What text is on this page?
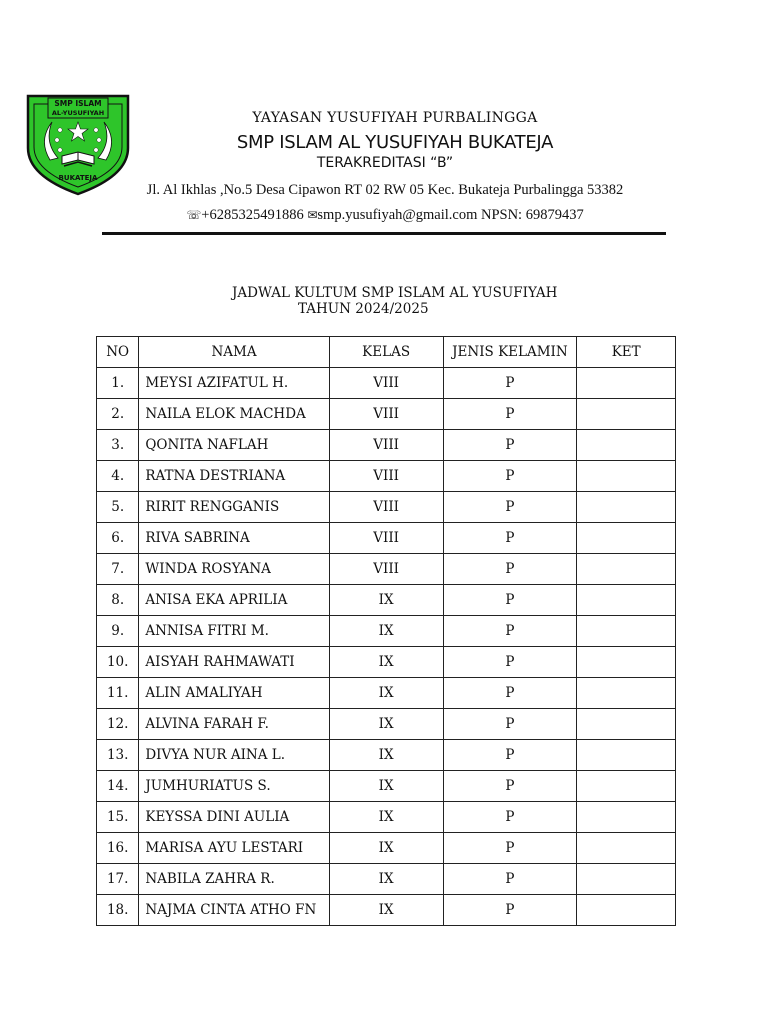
SMP ISLAM
AL-YUSUFIYAH
BUKATEJA
YAYASAN YUSUFIYAH PURBALINGGA
SMP ISLAM AL YUSUFIYAH BUKATEJA
TERAKREDITASI “B”
Jl. Al Ikhlas ,No.5 Desa Cipawon RT 02 RW 05 Kec. Bukateja Purbalingga 53382
☏+6285325491886 ✉smp.yusufiyah@gmail.com NPSN: 69879437
JADWAL KULTUM SMP ISLAM AL YUSUFIYAH
TAHUN 2024/2025
NO	NAMA	KELAS	JENIS KELAMIN	KET
1.	MEYSI AZIFATUL H.	VIII	P	
2.	NAILA ELOK MACHDA	VIII	P	
3.	QONITA NAFLAH	VIII	P	
4.	RATNA DESTRIANA	VIII	P	
5.	RIRIT RENGGANIS	VIII	P	
6.	RIVA SABRINA	VIII	P	
7.	WINDA ROSYANA	VIII	P	
8.	ANISA EKA APRILIA	IX	P	
9.	ANNISA FITRI M.	IX	P	
10.	AISYAH RAHMAWATI	IX	P	
11.	ALIN AMALIYAH	IX	P	
12.	ALVINA FARAH F.	IX	P	
13.	DIVYA NUR AINA L.	IX	P	
14.	JUMHURIATUS S.	IX	P	
15.	KEYSSA DINI AULIA	IX	P	
16.	MARISA AYU LESTARI	IX	P	
17.	NABILA ZAHRA R.	IX	P	
18.	NAJMA CINTA ATHO FN	IX	P	
